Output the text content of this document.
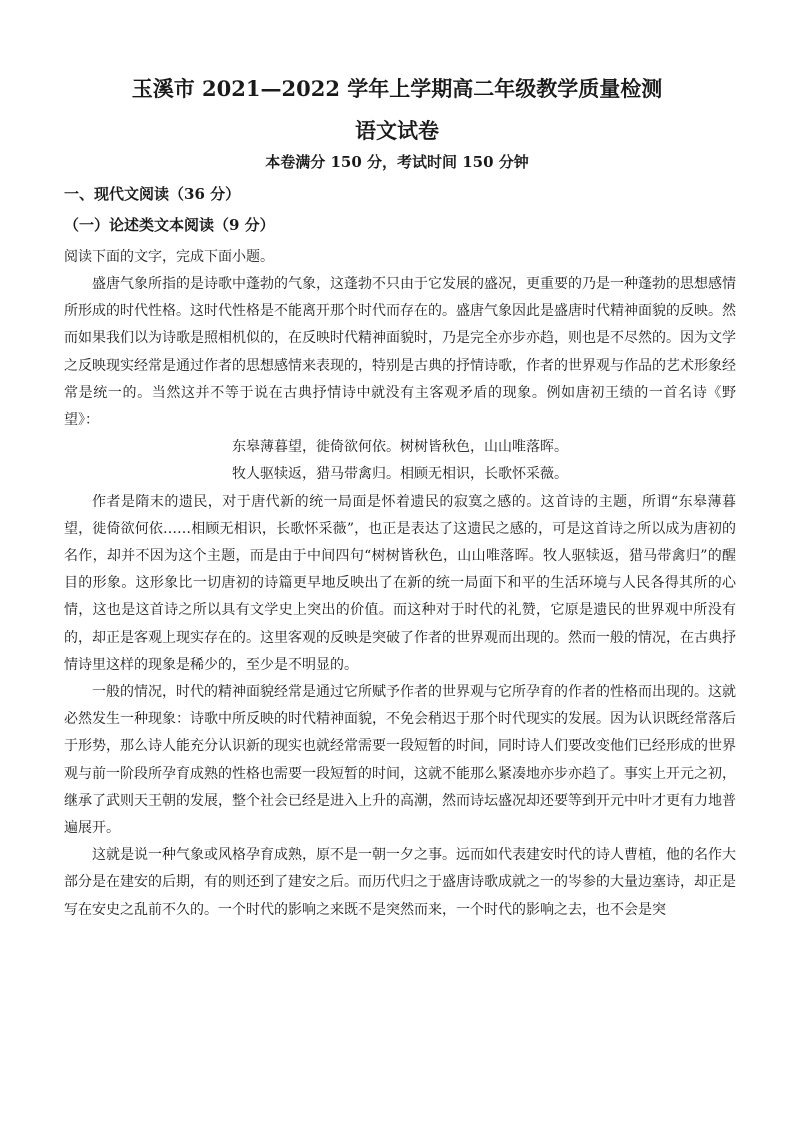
玉溪市 2021—2022 学年上学期高二年级教学质量检测
语文试卷
本卷满分 150 分，考试时间 150 分钟
一、现代文阅读（36 分）
（一）论述类文本阅读（9 分）
阅读下面的文字，完成下面小题。

盛唐气象所指的是诗歌中蓬勃的气象，这蓬勃不只由于它发展的盛况，更重要的乃是一种蓬勃的思想感情所形成的时代性格。这时代性格是不能离开那个时代而存在的。盛唐气象因此是盛唐时代精神面貌的反映。然而如果我们以为诗歌是照相机似的，在反映时代精神面貌时，乃是完全亦步亦趋，则也是不尽然的。因为文学之反映现实经常是通过作者的思想感情来表现的，特别是古典的抒情诗歌，作者的世界观与作品的艺术形象经常是统一的。当然这并不等于说在古典抒情诗中就没有主客观矛盾的现象。例如唐初王绩的一首名诗《野望》：

东皋薄暮望，徙倚欲何依。树树皆秋色，山山唯落晖。

牧人驱犊返，猎马带禽归。相顾无相识，长歌怀采薇。

作者是隋末的遗民，对于唐代新的统一局面是怀着遗民的寂寞之感的。这首诗的主题，所谓“东皋薄暮望，徙倚欲何依……相顾无相识，长歌怀采薇”，也正是表达了这遗民之感的，可是这首诗之所以成为唐初的名作，却并不因为这个主题，而是由于中间四句“树树皆秋色，山山唯落晖。牧人驱犊返，猎马带禽归”的醒目的形象。这形象比一切唐初的诗篇更早地反映出了在新的统一局面下和平的生活环境与人民各得其所的心情，这也是这首诗之所以具有文学史上突出的价值。而这种对于时代的礼赞，它原是遗民的世界观中所没有的，却正是客观上现实存在的。这里客观的反映是突破了作者的世界观而出现的。然而一般的情况，在古典抒情诗里这样的现象是稀少的，至少是不明显的。

一般的情况，时代的精神面貌经常是通过它所赋予作者的世界观与它所孕育的作者的性格而出现的。这就必然发生一种现象：诗歌中所反映的时代精神面貌，不免会稍迟于那个时代现实的发展。因为认识既经常落后于形势，那么诗人能充分认识新的现实也就经常需要一段短暂的时间，同时诗人们要改变他们已经形成的世界观与前一阶段所孕育成熟的性格也需要一段短暂的时间，这就不能那么紧凑地亦步亦趋了。事实上开元之初，继承了武则天王朝的发展，整个社会已经是进入上升的高潮，然而诗坛盛况却还要等到开元中叶才更有力地普遍展开。

这就是说一种气象或风格孕育成熟，原不是一朝一夕之事。远而如代表建安时代的诗人曹植，他的名作大部分是在建安的后期，有的则还到了建安之后。而历代归之于盛唐诗歌成就之一的岑参的大量边塞诗，却正是写在安史之乱前不久的。一个时代的影响之来既不是突然而来，一个时代的影响之去，也不会是突
